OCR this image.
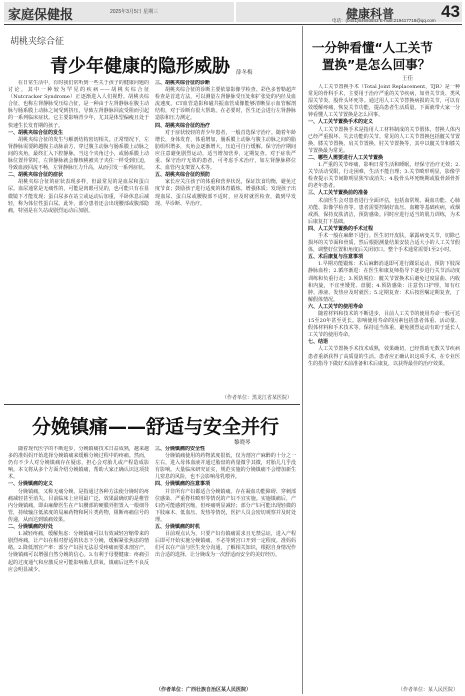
家庭保健报	2025年3月5日 星期三	健康科普	43
电话：(0451)84693543 E-mail:219417718@qq.com
胡桃夹综合征
青少年健康的隐形威胁 薛冬梅

在日常生活中，有时我们常听到一些关于孩子的健康问题的讨论，其中一种较为罕见的疾病——胡桃夹综合征（Nutcracker Syndrome）正逐渐进入人们视野。胡桃夹综合征，也称左肾静脉受压综合征，是一种由于左肾静脉在腹主动脉与肠系膜上动脉之间受到挤压，导致左肾静脉回流受阻而引起的一系列临床症状。它主要影响青少年，尤其是体型偏瘦且处于快速生长发育期的孩子。

一、胡桃夹综合征的发生

胡桃夹综合征的发生与解剖结构密切相关。正常情况下，左肾静脉需要跨越腹主动脉前方，穿过腹主动脉与肠系膜上动脉之间的夹角，最终汇入下腔静脉。当这个夹角过小，或肠系膜上动脉位置异常时，左肾静脉就会像核桃被夹子夹住一样受到压迫，导致血液回流不畅，左肾静脉压力升高，从而引发一系列症状。

二、胡桃夹综合征的症状

胡桃夹综合征的症状表现多样，但最常见的是血尿和蛋白尿。血尿通常是无痛性的，可能是肉眼可见的，也可能只有在显微镜下才能发现；蛋白尿多在站立或运动后加重，平卧休息后减轻，称为体位性蛋白尿。此外，部分患者还会出现腰部或腹部隐痛，特别是在久站或剧烈运动后加剧。

三、胡桃夹综合征的诊断

胡桃夹综合征的诊断主要依靠影像学检查。彩色多普勒超声检查是首选方法，可以测量左肾静脉受压处和扩张处的内径及血流速度。CT血管造影和磁共振血管成像能够清晰显示血管解剖结构，对于诊断有很大帮助。在必要时，医生还会进行左肾静脉造影和压力测定。

四、胡桃夹综合征的治疗

对于症状较轻的青少年患者，一般首选保守治疗。随着年龄增长，身体发育，体重增加，肠系膜上动脉与腹主动脉之间的脂肪组织增多，夹角会逐渐增大，压迫可自行缓解。保守治疗期间应注意避免剧烈运动，适当增加营养，定期复查。对于症状严重、保守治疗无效的患者，可考虑手术治疗，如左肾静脉移位术、血管内支架置入术等。

五、胡桃夹综合征的预防

家长应关注孩子的体重和营养状况，保证饮食均衡，避免过度节食；鼓励孩子进行适度的体育锻炼，增强体质；发现孩子出现血尿、蛋白尿或腰腹部不适时，应及时就医检查，做到早发现、早诊断、早治疗。

（作者单位：黑龙江省某医院）
分娩镇痛——舒适与安全并行
黎晓琴

随着现代医学的不断进步，分娩镇痛技术日益成熟，越来越多的准妈妈开始选择分娩镇痛来缓解分娩过程中的疼痛。然而，仍有不少人对分娩镇痛存在疑虑，担心会对胎儿或产程造成影响。本文将从多个方面介绍分娩镇痛，帮助大家正确认识这项技术。

一、分娩镇痛的定义

分娩镇痛，又称无痛分娩，是指通过各种方法使分娩时的疼痛减轻甚至消失。目前临床上应用最广泛、效果最确切的是椎管内分娩镇痛，即由麻醉医生在产妇腰部的硬膜外腔置入一根细导管，持续输注低浓度的局麻药物和阿片类药物，阻断疼痛信号的传递，从而达到镇痛效果。

二、分娩镇痛的好处

1.减轻疼痛，缓解焦虑：分娩镇痛可以有效减轻宫缩带来的剧烈疼痛，让产妇在相对舒适的状态下分娩，缓解紧张焦虑的情绪。2.降低剖宫产率：部分产妇因无法忍受疼痛而要求剖宫产，分娩镇痛可以增强自然分娩的信心。3.有利于母婴健康：疼痛引起的过度通气和应激反应可能影响胎儿供氧，镇痛后这些不良反应会明显减少。

三、分娩镇痛的安全性

分娩镇痛使用的药物浓度很低，仅为剖宫产麻醉的十分之一左右，进入母体血液并通过胎盘的药量微乎其微，对胎儿几乎没有影响。大量临床研究证实，规范实施的分娩镇痛不会增加新生儿窒息的风险，也不会影响母乳喂养。

四、分娩镇痛的注意事项

并非所有产妇都适合分娩镇痛。存在凝血功能障碍、穿刺部位感染、严重脊柱畸形等情况的产妇不宜实施。实施镇痛后，产妇仍可能感到宫缩，但疼痛明显减轻；部分产妇可能出现轻微的下肢麻木、低血压、发热等情况，医护人员会密切观察并及时处理。

五、分娩镇痛的时机

目前观点认为，只要产妇有镇痛需求且无禁忌证，进入产程后即可开始实施分娩镇痛，不必等到宫口开到一定程度。准妈妈们可以在产前与医生充分沟通，了解相关知识，根据自身情况作出合适的选择，让分娩成为一次舒适而安全的美好经历。

（作者单位：广西壮族自治区某人民医院）
一分钟看懂“人工关节
置换”是怎么回事？
王佳

人工关节置换手术（Total Joint Replacement，TJR）是一种常见的骨科手术，主要用于治疗严重的关节疾病，如骨关节炎、类风湿关节炎、股骨头坏死等。通过用人工关节替换病损的关节，可以有效缓解疼痛，恢复关节功能，提高患者生活质量。下面就带大家一分钟看懂人工关节置换是怎么回事。

一、人工关节置换手术的定义

人工关节置换手术是指用人工材料制成的关节假体，替换人体内已经严重损坏、失去功能的关节。常见的人工关节置换包括髋关节置换、膝关节置换、肩关节置换、肘关节置换等，其中以髋关节和膝关节置换最为常见。

二、哪些人需要进行人工关节置换

1.严重的关节疼痛，影响日常生活和睡眠，经保守治疗无效；2.关节活动受限，行走困难，生活不能自理；3.关节畸形明显，影像学检查提示关节间隙明显狭窄或消失；4.股骨头坏死晚期或股骨颈骨折的老年患者。

三、人工关节置换前的准备

术前医生会对患者进行全面评估，包括血常规、凝血功能、心肺功能、影像学检查等。患者需要控制好血压、血糖等基础疾病，戒烟戒酒，保持皮肤清洁，预防感染。同时应进行适当的肌力训练，为术后康复打下基础。

四、人工关节置换的手术过程

手术一般在麻醉下进行。医生切开皮肤，暴露病变关节，切除已损坏的关节面和骨质，然后根据测量结果安装合适大小的人工关节假体，调整好位置和角度后关闭切口。整个手术通常需要1至2小时。

五、术后康复与注意事项

1.早期功能锻炼：术后麻醉消退即可进行踝泵运动，预防下肢深静脉血栓；2.循序渐进：在医生和康复师指导下逐步进行关节活动度训练和负重行走；3.预防脱位：髋关节置换术后避免过度屈曲、内收和内旋，不宜坐矮凳、盘腿；4.预防感染：注意伤口护理，如有红肿、渗液、发热应及时就医；5.定期复查：术后按医嘱定期复查，了解假体情况。

六、人工关节的使用寿命

随着材料和技术的不断进步，目前人工关节的使用寿命一般可达15至20年甚至更长。影响使用寿命的因素包括患者体重、活动量、假体材料和手术技术等。保持适当体重、避免剧烈运动有助于延长人工关节的使用寿命。

七、结语

人工关节置换手术技术成熟，效果确切，已经帮助无数关节疾病患者重新获得了高质量的生活。患者应正确认识这项手术，在专业医生的指导下做好术前准备和术后康复，以获得最佳的治疗效果。

（作者单位：某人民医院）
